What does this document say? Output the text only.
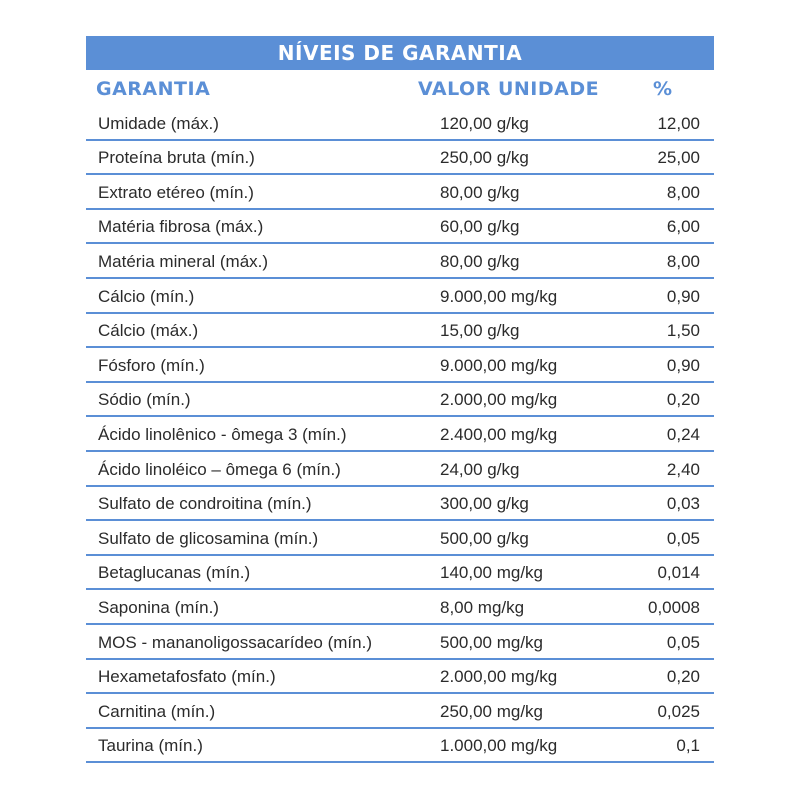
NÍVEIS DE GARANTIA
GARANTIA	VALOR UNIDADE	%
Umidade (máx.)	120,00 g/kg	12,00
Proteína bruta (mín.)	250,00 g/kg	25,00
Extrato etéreo (mín.)	80,00 g/kg	8,00
Matéria fibrosa (máx.)	60,00 g/kg	6,00
Matéria mineral (máx.)	80,00 g/kg	8,00
Cálcio (mín.)	9.000,00 mg/kg	0,90
Cálcio (máx.)	15,00 g/kg	1,50
Fósforo (mín.)	9.000,00 mg/kg	0,90
Sódio (mín.)	2.000,00 mg/kg	0,20
Ácido linolênico - ômega 3 (mín.)	2.400,00 mg/kg	0,24
Ácido linoléico – ômega 6 (mín.)	24,00 g/kg	2,40
Sulfato de condroitina (mín.)	300,00 g/kg	0,03
Sulfato de glicosamina (mín.)	500,00 g/kg	0,05
Betaglucanas (mín.)	140,00 mg/kg	0,014
Saponina (mín.)	8,00 mg/kg	0,0008
MOS - mananoligossacarídeo (mín.)	500,00 mg/kg	0,05
Hexametafosfato (mín.)	2.000,00 mg/kg	0,20
Carnitina (mín.)	250,00 mg/kg	0,025
Taurina (mín.)	1.000,00 mg/kg	0,1
